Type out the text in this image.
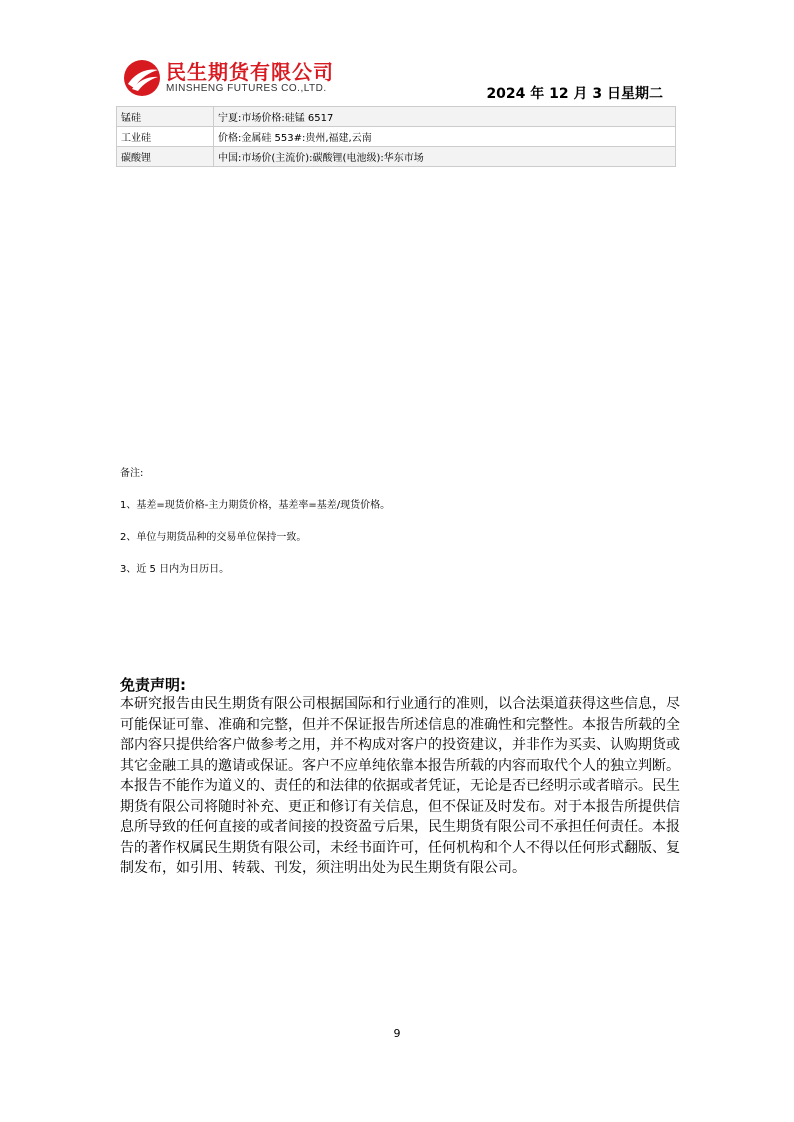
民生期货有限公司
MINSHENG FUTURES CO.,LTD.	2024 年 12 月 3 日星期二
锰硅	宁夏:市场价格:硅锰 6517
工业硅	价格:金属硅 553#:贵州,福建,云南
碳酸锂	中国:市场价(主流价):碳酸锂(电池级):华东市场
备注:
1、基差=现货价格-主力期货价格，基差率=基差/现货价格。
2、单位与期货品种的交易单位保持一致。
3、近 5 日内为日历日。
免责声明:
本研究报告由民生期货有限公司根据国际和行业通行的准则，以合法渠道获得这些信息，尽可能保证可靠、准确和完整，但并不保证报告所述信息的准确性和完整性。本报告所载的全部内容只提供给客户做参考之用，并不构成对客户的投资建议，并非作为买卖、认购期货或其它金融工具的邀请或保证。客户不应单纯依靠本报告所载的内容而取代个人的独立判断。本报告不能作为道义的、责任的和法律的依据或者凭证，无论是否已经明示或者暗示。民生期货有限公司将随时补充、更正和修订有关信息，但不保证及时发布。对于本报告所提供信息所导致的任何直接的或者间接的投资盈亏后果，民生期货有限公司不承担任何责任。本报告的著作权属民生期货有限公司，未经书面许可，任何机构和个人不得以任何形式翻版、复制发布，如引用、转载、刊发，须注明出处为民生期货有限公司。
9
